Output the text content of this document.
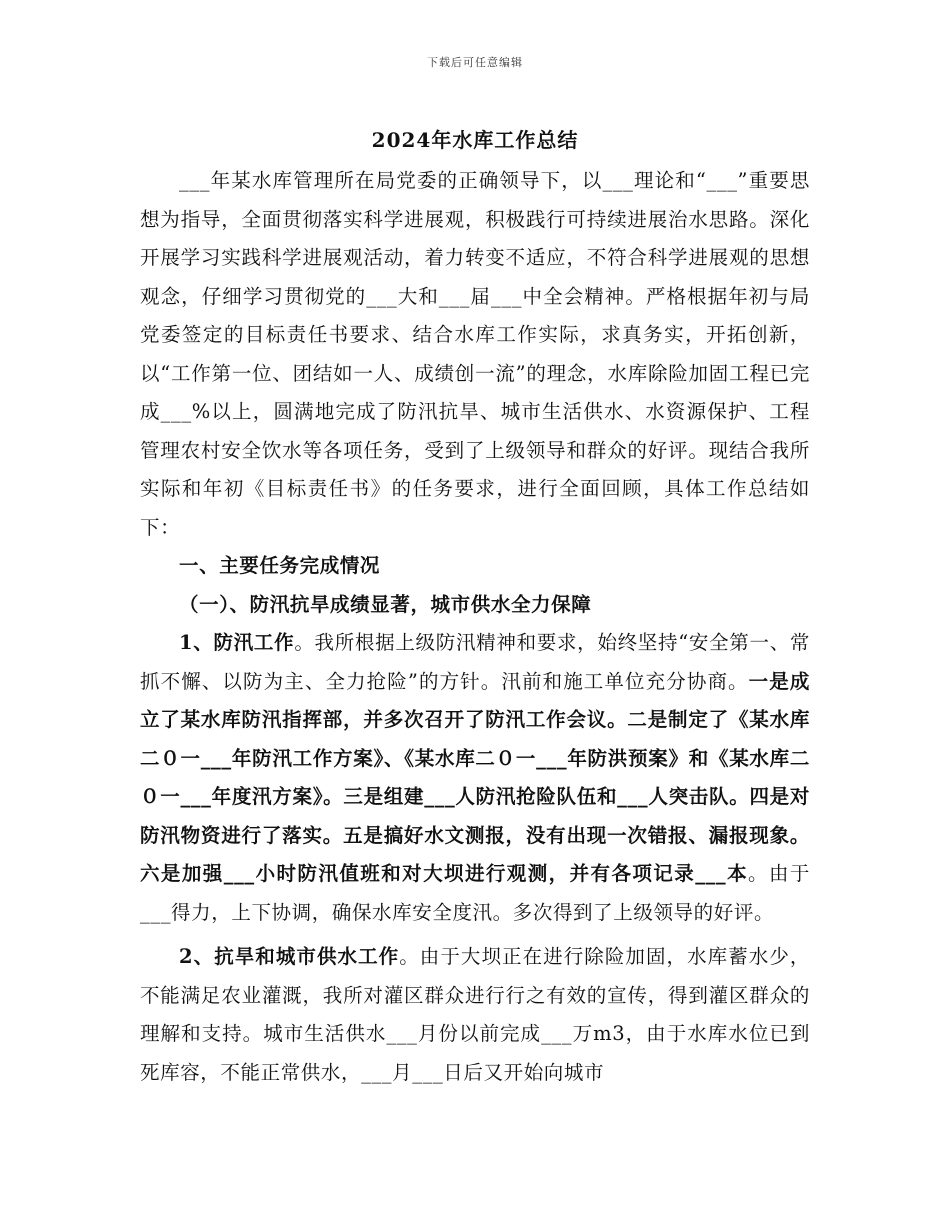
下载后可任意编辑
2024年水库工作总结

___年某水库管理所在局党委的正确领导下，以___理论和“___”重要思想为指导，全面贯彻落实科学进展观，积极践行可持续进展治水思路。深化开展学习实践科学进展观活动，着力转变不适应，不符合科学进展观的思想观念，仔细学习贯彻党的___大和___届___中全会精神。严格根据年初与局党委签定的目标责任书要求、结合水库工作实际，求真务实，开拓创新，以“工作第一位、团结如一人、成绩创一流”的理念，水库除险加固工程已完成___%以上，圆满地完成了防汛抗旱、城市生活供水、水资源保护、工程管理农村安全饮水等各项任务，受到了上级领导和群众的好评。现结合我所实际和年初《目标责任书》的任务要求，进行全面回顾，具体工作总结如下：

一、主要任务完成情况

（一）、防汛抗旱成绩显著，城市供水全力保障

1、防汛工作。我所根据上级防汛精神和要求，始终坚持“安全第一、常抓不懈、以防为主、全力抢险”的方针。汛前和施工单位充分协商。一是成立了某水库防汛指挥部，并多次召开了防汛工作会议。二是制定了《某水库二０一___年防汛工作方案》、《某水库二０一___年防洪预案》和《某水库二０一___年度汛方案》。三是组建___人防汛抢险队伍和___人突击队。四是对防汛物资进行了落实。五是搞好水文测报，没有出现一次错报、漏报现象。六是加强___小时防汛值班和对大坝进行观测，并有各项记录___本。由于___得力，上下协调，确保水库安全度汛。多次得到了上级领导的好评。

2、抗旱和城市供水工作。由于大坝正在进行除险加固，水库蓄水少，不能满足农业灌溉，我所对灌区群众进行行之有效的宣传，得到灌区群众的理解和支持。城市生活供水___月份以前完成___万m3，由于水库水位已到死库容，不能正常供水，___月___日后又开始向城市
